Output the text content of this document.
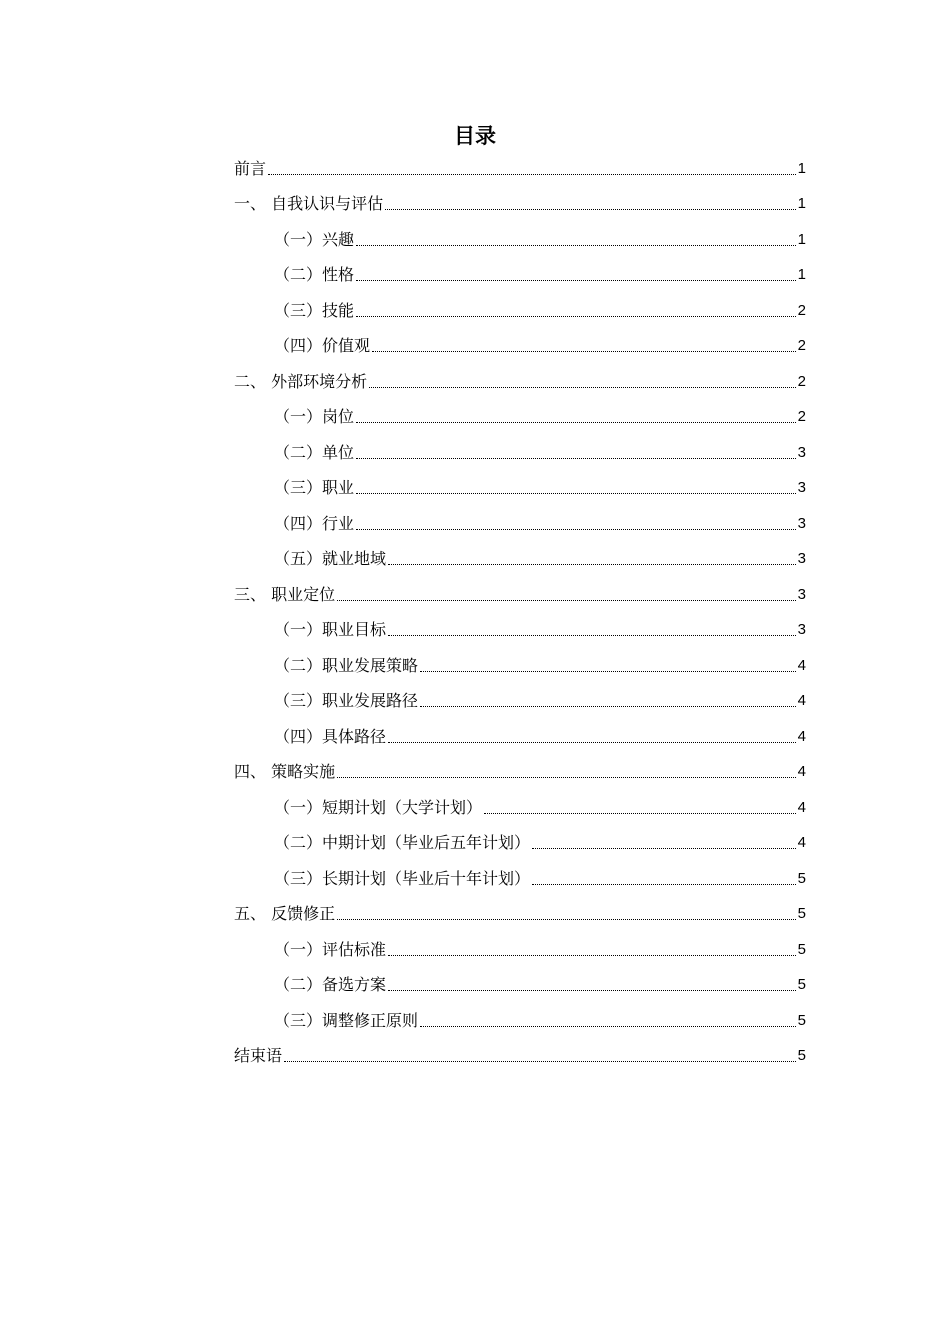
目录
前言	1
一、 自我认识与评估	1
（一）兴趣	1
（二）性格	1
（三）技能	2
（四）价值观	2
二、 外部环境分析	2
（一）岗位	2
（二）单位	3
（三）职业	3
（四）行业	3
（五）就业地域	3
三、 职业定位	3
（一）职业目标	3
（二）职业发展策略	4
（三）职业发展路径	4
（四）具体路径	4
四、 策略实施	4
（一）短期计划（大学计划）	4
（二）中期计划（毕业后五年计划）	4
（三）长期计划（毕业后十年计划）	5
五、 反馈修正	5
（一）评估标准	5
（二）备选方案	5
（三）调整修正原则	5
结束语	5
